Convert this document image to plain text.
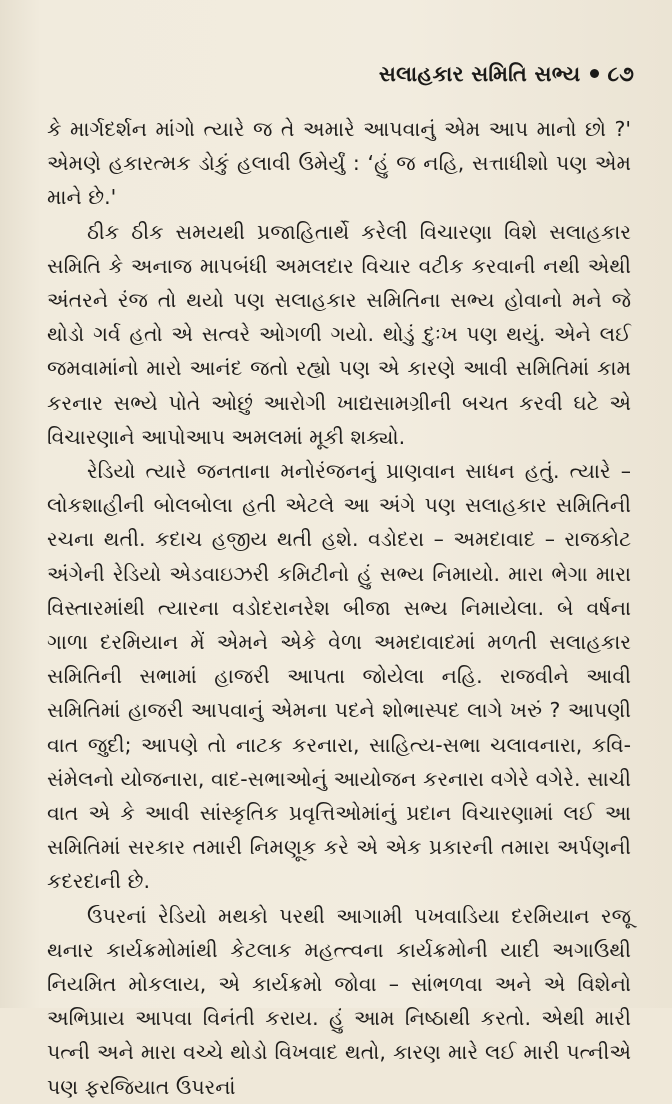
સલાહકાર સમિતિ સભ્ય ૮૭

કે માર્ગદર્શન માંગો ત્યારે જ તે અમારે આપવાનું એમ આપ માનો છો ?' એમણે હકારત્મક ડોકું હલાવી ઉમેર્યું : ‘હું જ નહિ, સત્તાધીશો પણ એમ માને છે.'

ઠીક ઠીક સમયથી પ્રજાહિતાર્થે કરેલી વિચારણા વિશે સલાહકાર સમિતિ કે અનાજ માપબંધી અમલદાર વિચાર વટીક કરવાની નથી એથી અંતરને રંજ તો થયો પણ સલાહકાર સમિતિના સભ્ય હોવાનો મને જે થોડો ગર્વ હતો એ સત્વરે ઓગળી ગયો. થોડું દુઃખ પણ થયું. એને લઈ જમવામાંનો મારો આનંદ જતો રહ્યો પણ એ કારણે આવી સમિતિમાં કામ કરનાર સભ્યે પોતે ઓછું આરોગી ખાદ્યસામગ્રીની બચત કરવી ઘટે એ વિચારણાને આપોઆપ અમલમાં મૂકી શક્યો.

રેડિયો ત્યારે જનતાના મનોરંજનનું પ્રાણવાન સાધન હતું. ત્યારે – લોકશાહીની બોલબોલા હતી એટલે આ અંગે પણ સલાહકાર સમિતિની રચના થતી. કદાચ હજીય થતી હશે. વડોદરા – અમદાવાદ – રાજકોટ અંગેની રેડિયો એડવાઇઝરી કમિટીનો હું સભ્ય નિમાયો. મારા ભેગા મારા વિસ્તારમાંથી ત્યારના વડોદરાનરેશ બીજા સભ્ય નિમાયેલા. બે વર્ષના ગાળા દરમિયાન મેં એમને એકે વેળા અમદાવાદમાં મળતી સલાહકાર સમિતિની સભામાં હાજરી આપતા જોયેલા નહિ. રાજવીને આવી સમિતિમાં હાજરી આપવાનું એમના પદને શોભાસ્પદ લાગે ખરું ? આપણી વાત જુદી; આપણે તો નાટક કરનારા, સાહિત્ય-સભા ચલાવનારા, કવિ-સંમેલનો યોજનારા, વાદ-સભાઓનું આયોજન કરનારા વગેરે વગેરે. સાચી વાત એ કે આવી સાંસ્કૃતિક પ્રવૃત્તિઓમાંનું પ્રદાન વિચારણામાં લઈ આ સમિતિમાં સરકાર તમારી નિમણૂક કરે એ એક પ્રકારની તમારા અર્પણની કદરદાની છે.

ઉપરનાં રેડિયો મથકો પરથી આગામી પખવાડિયા દરમિયાન રજૂ થનાર કાર્યક્રમોમાંથી કેટલાક મહત્ત્વના કાર્યક્રમોની યાદી અગાઉથી નિયમિત મોકલાય, એ કાર્યક્રમો જોવા – સાંભળવા અને એ વિશેનો અભિપ્રાય આપવા વિનંતી કરાય. હું આમ નિષ્ઠાથી કરતો. એથી મારી પત્ની અને મારા વચ્ચે થોડો વિખવાદ થતો, કારણ મારે લઈ મારી પત્નીએ પણ ફરજિયાત ઉપરનાં
